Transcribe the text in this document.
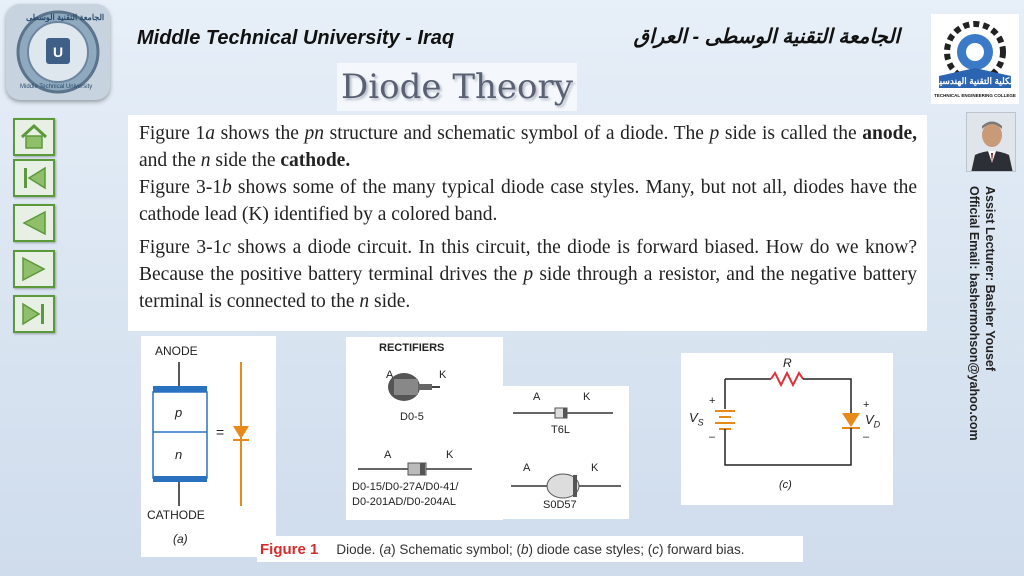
U
الجامعة التقنية الوسطى
Middle Technical University
Middle Technical University - Iraq	الجامعة التقنية الوسطى - العراق
الكلية التقنية الهندسية
TECHNICAL ENGINEERING COLLEGE
Diode Theory

Figure 1a shows the pn structure and schematic symbol of a diode. The p side is called the anode, and the n side the cathode.

Figure 3-1b shows some of the many typical diode case styles. Many, but not all, diodes have the cathode lead (K) identified by a colored band.

Figure 3-1c shows a diode circuit. In this circuit, the diode is forward biased. How do we know? Because the positive battery terminal drives the p side through a resistor, and the negative battery terminal is connected to the n side.	Assist Lecturer: Basher Yousef
Official Email: bashermohson@yahoo.com
ANODE
p
n
=
CATHODE
(a)
RECTIFIERS
A	K
D0-5
A	K
D0-15/D0-27A/D0-41/
D0-201AD/D0-204AL
A	K
T6L
A	K
S0D57
R
+
$V_S$
–
+
$V_D$
–
(c)
Figure 1 Diode. (a) Schematic symbol; (b) diode case styles; (c) forward bias.
